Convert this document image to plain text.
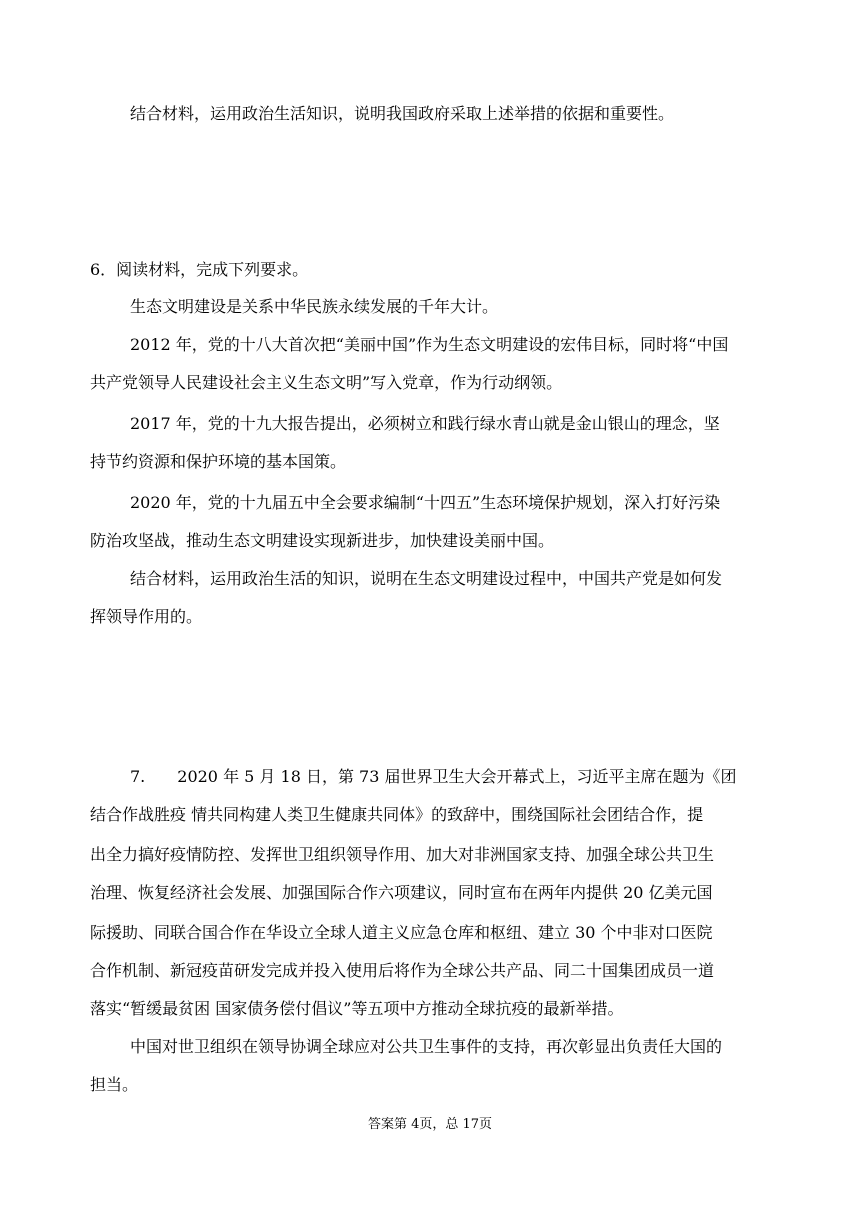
结合材料，运用政治生活知识，说明我国政府采取上述举措的依据和重要性。
6．阅读材料，完成下列要求。
生态文明建设是关系中华民族永续发展的千年大计。
2012 年，党的十八大首次把“美丽中国”作为生态文明建设的宏伟目标，同时将“中国
共产党领导人民建设社会主义生态文明”写入党章，作为行动纲领。
2017 年，党的十九大报告提出，必须树立和践行绿水青山就是金山银山的理念，坚
持节约资源和保护环境的基本国策。
2020 年，党的十九届五中全会要求编制“十四五”生态环境保护规划，深入打好污染
防治攻坚战，推动生态文明建设实现新进步，加快建设美丽中国。
结合材料，运用政治生活的知识，说明在生态文明建设过程中，中国共产党是如何发
挥领导作用的。
7.　　2020 年 5 月 18 日，第 73 届世界卫生大会开幕式上，习近平主席在题为《团
结合作战胜疫 情共同构建人类卫生健康共同体》的致辞中，围绕国际社会团结合作，提
出全力搞好疫情防控、发挥世卫组织领导作用、加大对非洲国家支持、加强全球公共卫生
治理、恢复经济社会发展、加强国际合作六项建议，同时宣布在两年内提供 20 亿美元国
际援助、同联合国合作在华设立全球人道主义应急仓库和枢纽、建立 30 个中非对口医院
合作机制、新冠疫苗研发完成并投入使用后将作为全球公共产品、同二十国集团成员一道
落实“暂缓最贫困 国家债务偿付倡议”等五项中方推动全球抗疫的最新举措。
中国对世卫组织在领导协调全球应对公共卫生事件的支持，再次彰显出负责任大国的
担当。
答案第 4页，总 17页
